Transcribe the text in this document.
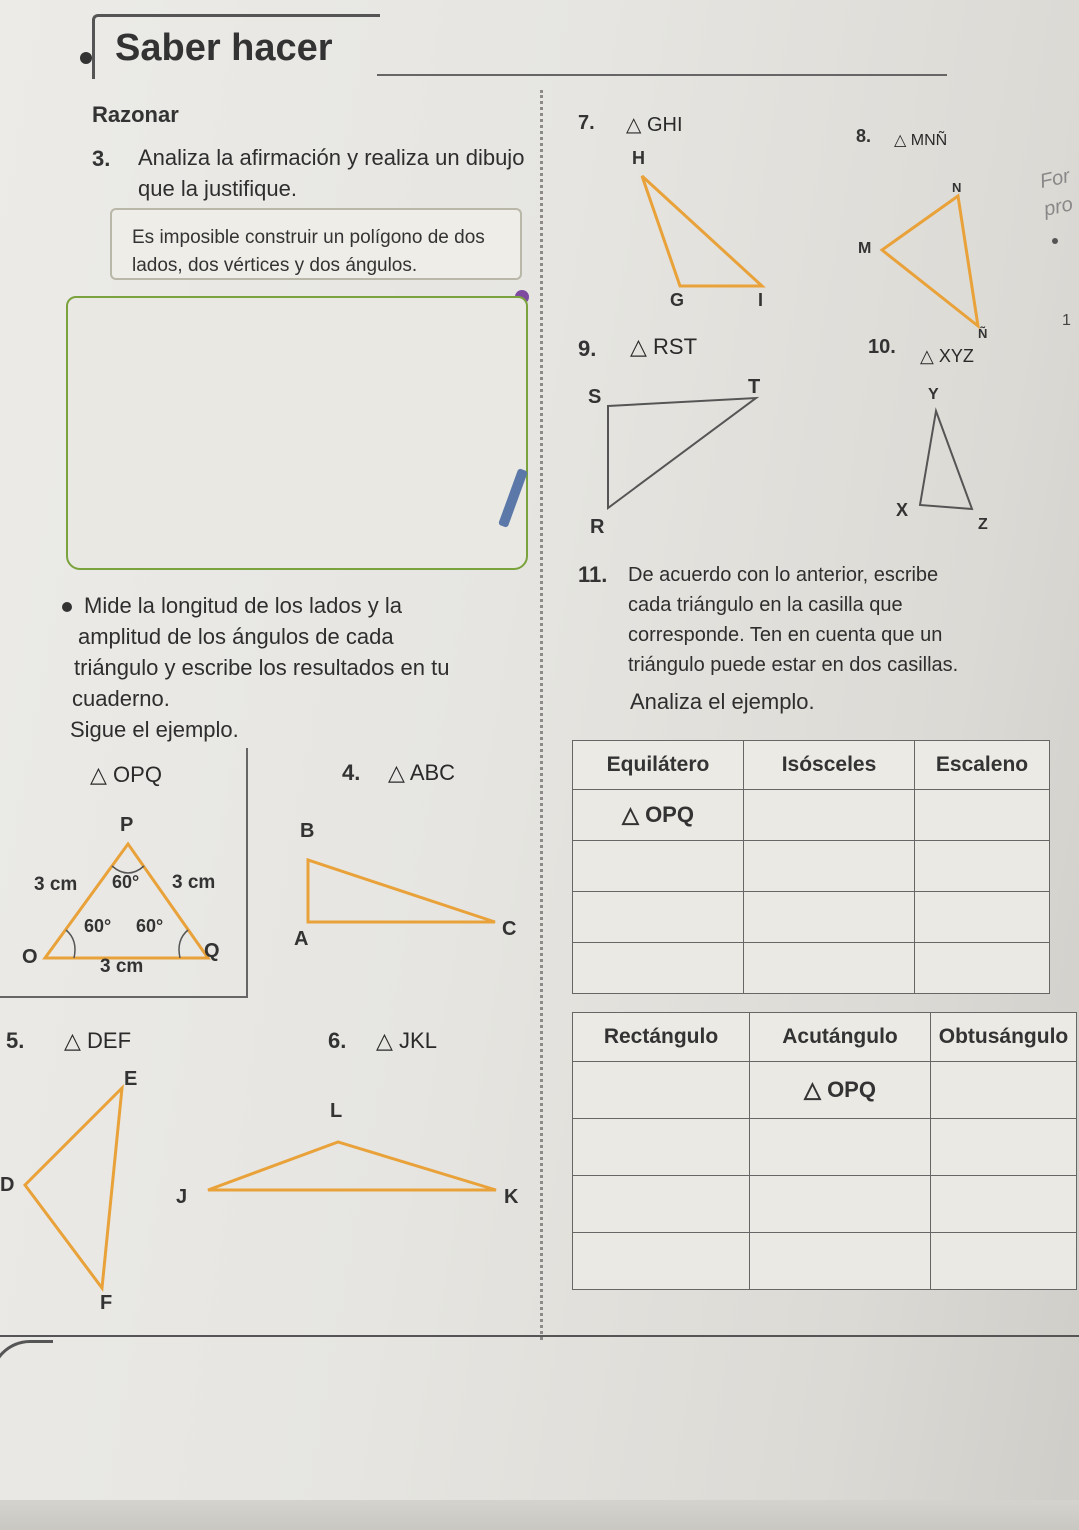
Saber hacer
Razonar
3. Analiza la afirmación y realiza un dibujo que la justifique.
Es imposible construir un polígono de dos lados, dos vértices y dos ángulos.
Mide la longitud de los lados y la
amplitud de los ángulos de cada
triángulo y escribe los resultados en tu
cuaderno.
Sigue el ejemplo.
△ OPQ
P
O	Q
3 cm	3 cm
3 cm
60°
60° 60°
4. △ ABC
B
A	C
5. △ DEF
E
D
F
6. △ JKL
L
J	K
7. △ GHI
H
G	I
8. △ MNÑ
N
M
Ñ
For
pro
1
9. △ RST
S	T
R
10. △ XYZ
Y
X
Z
11. De acuerdo con lo anterior, escribe
cada triángulo en la casilla que
corresponde. Ten en cuenta que un
triángulo puede estar en dos casillas.
Analiza el ejemplo.
Equilátero	Isósceles	Escaleno
△ OPQ		

Rectángulo	Acutángulo	Obtusángulo
	△ OPQ	
